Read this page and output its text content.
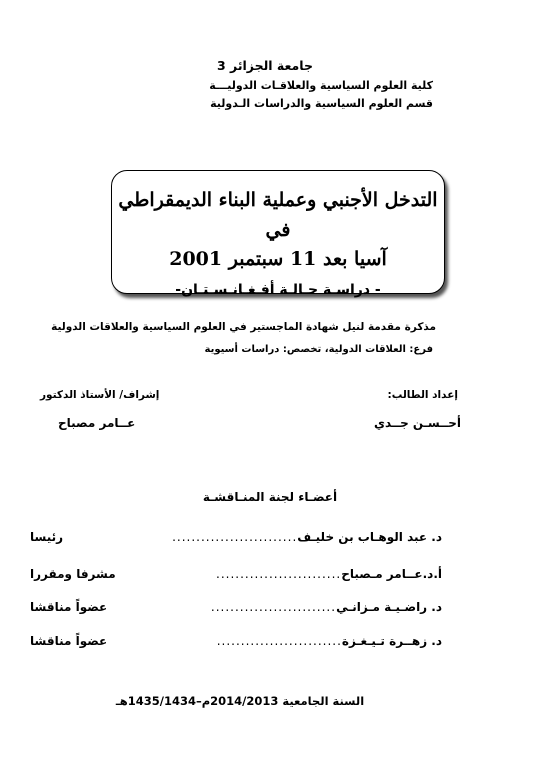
جامعة الجزائر 3
كلية العلوم السياسية والعلاقـات الدوليـــة
قسم العلوم السياسية والدراسات الـدولية
التدخل الأجنبي وعملية البناء الديمقراطي في
آسيا بعد 11 سبتمبر 2001
- دراسـة حـالـة أفـغـانـسـتـان-
مذكرة مقدمة لنيل شهادة الماجستير في العلوم السياسية والعلاقات الدولية
فرع: العلاقات الدولية، تخصص: دراسات أسيوية
إعداد الطالب:
إشراف/ الأستاذ الدكتور
أحــسـن جــدي
عــامر مصباح
أعضـاء لجنة المنـاقشـة
د. عبد الوهـاب بن خليـف
..........................
رئيسا
أ.د.عــامر مـصباح
..........................
مشرفا ومقررا
د. راضـيـة مـزانـي
..........................
عضواً مناقشا
د. زهــرة تـيـغـزة
..........................
عضواً مناقشا
السنة الجامعية 2014/2013م–1435/1434هـ
